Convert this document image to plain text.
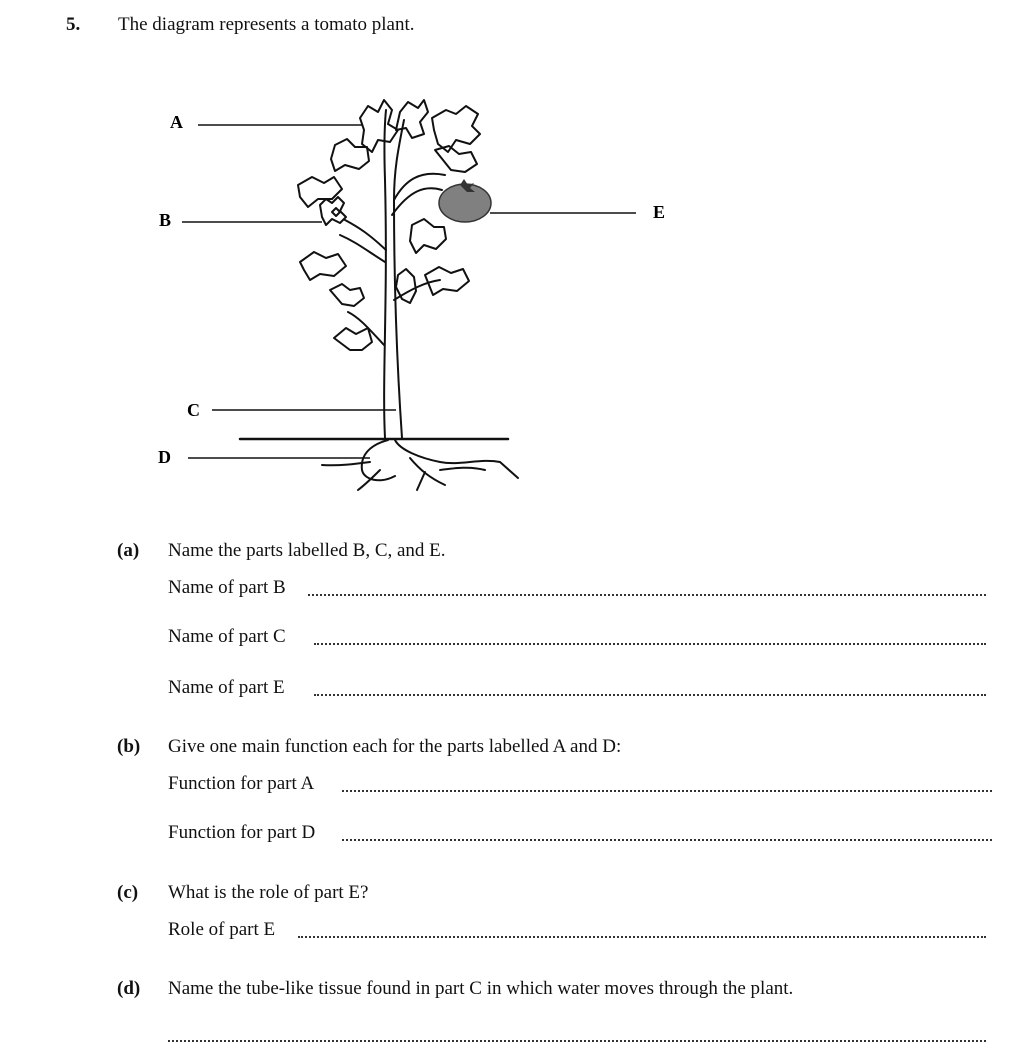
5. The diagram represents a tomato plant.
A
B
C
D
E
(a) Name the parts labelled B, C, and E.
Name of part B
Name of part C
Name of part E
(b) Give one main function each for the parts labelled A and D:
Function for part A
Function for part D
(c) What is the role of part E?
Role of part E
(d) Name the tube-like tissue found in part C in which water moves through the plant.
